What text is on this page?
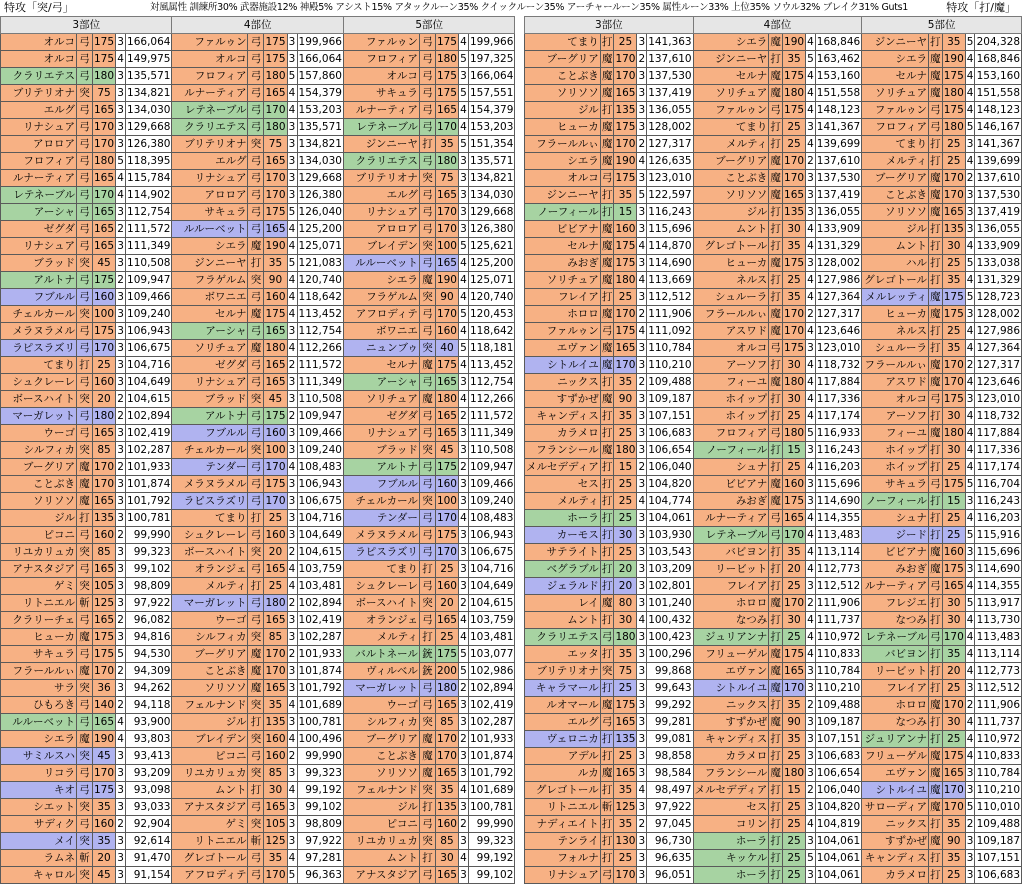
特攻「突/弓」	対風属性 訓練所30% 武器施設12% 神殿5% アシスト15% アタックルーン35% クイックルーン35% アーチャールーン35% 属性ルーン33% 上位35% ソウル32% ブレイク31% Guts1	特攻「打/魔」
3部位					4部位					5部位				
オルコ	弓	175	3	166,064	ファルゥン	弓	175	3	199,966	ファルゥン	弓	175	4	199,966
オルコ	弓	175	4	149,975	オルコ	弓	175	3	166,064	フロフィア	弓	180	5	197,325
クラリエテス	弓	180	3	135,571	フロフィア	弓	180	5	157,860	オルコ	弓	175	3	166,064
ブリテリオナ	突	75	3	134,821	ルナーティア	弓	165	4	154,379	サキュラ	弓	175	5	157,551
エルグ	弓	165	3	134,030	レテネーブル	弓	170	4	153,203	ルナーティア	弓	165	4	154,379
リナシュア	弓	170	3	129,668	クラリエテス	弓	180	3	135,571	レテネーブル	弓	170	4	153,203
アロロア	弓	170	3	126,380	ブリテリオナ	突	75	3	134,821	ジンニーヤ	打	35	5	151,354
フロフィア	弓	180	5	118,395	エルグ	弓	165	3	134,030	クラリエテス	弓	180	3	135,571
ルナーティア	弓	165	4	115,784	リナシュア	弓	170	3	129,668	ブリテリオナ	突	75	3	134,821
レテネーブル	弓	170	4	114,902	アロロア	弓	170	3	126,380	エルグ	弓	165	3	134,030
アーシャ	弓	165	3	112,754	サキュラ	弓	175	5	126,040	リナシュア	弓	170	3	129,668
ゼグダ	弓	165	2	111,572	ルルーベット	弓	165	4	125,200	アロロア	弓	170	3	126,380
リナシュア	弓	165	3	111,349	シエラ	魔	190	4	125,071	ブレイデン	突	100	5	125,621
ブラッド	突	45	3	110,508	ジンニーヤ	打	35	5	121,083	ルルーベット	弓	165	4	125,200
アルトナ	弓	175	2	109,947	フラゲルム	突	90	4	120,740	シエラ	魔	190	4	125,071
フブルル	弓	160	3	109,466	ボワニエ	弓	160	4	118,642	フラゲルム	突	90	4	120,740
チェルカール	突	100	3	109,240	セルナ	魔	175	4	113,452	アフロディテ	弓	170	5	120,453
メラヌラメル	弓	175	3	106,943	アーシャ	弓	165	3	112,754	ボワニエ	弓	160	4	118,642
ラピスラズリ	弓	170	3	106,675	ソリチュア	魔	180	4	112,266	ニュンブゥ	突	40	5	118,181
てまり	打	25	3	104,716	ゼグダ	弓	165	2	111,572	セルナ	魔	175	4	113,452
シュクレーレ	弓	160	3	104,649	リナシュア	弓	165	3	111,349	アーシャ	弓	165	3	112,754
ボースハイト	突	20	2	104,615	ブラッド	突	45	3	110,508	ソリチュア	魔	180	4	112,266
マーガレット	弓	180	2	102,894	アルトナ	弓	175	2	109,947	ゼグダ	弓	165	2	111,572
ウーゴ	弓	165	3	102,419	フブルル	弓	160	3	109,466	リナシュア	弓	165	3	111,349
シルフィカ	突	85	3	102,287	チェルカール	突	100	3	109,240	ブラッド	突	45	3	110,508
ブーグリア	魔	170	2	101,933	テンダー	弓	170	4	108,483	アルトナ	弓	175	2	109,947
ことぶき	魔	170	3	101,874	メラヌラメル	弓	175	3	106,943	フブルル	弓	160	3	109,466
ソリソソ	魔	165	3	101,792	ラピスラズリ	弓	170	3	106,675	チェルカール	突	100	3	109,240
ジル	打	135	3	100,781	てまり	打	25	3	104,716	テンダー	弓	170	4	108,483
ピコニ	弓	160	2	99,990	シュクレーレ	弓	160	3	104,649	メラヌラメル	弓	175	3	106,943
リユカリュカ	突	85	3	99,323	ボースハイト	突	20	2	104,615	ラピスラズリ	弓	170	3	106,675
アナスタジア	弓	165	3	99,102	オランジェ	弓	165	4	103,759	てまり	打	25	3	104,716
ゲミ	突	105	3	98,809	メルティ	打	25	4	103,481	シュクレーレ	弓	160	3	104,649
リトニエル	斬	125	3	97,922	マーガレット	弓	180	2	102,894	ボースハイト	突	20	2	104,615
クラリーチェ	弓	165	2	96,082	ウーゴ	弓	165	3	102,419	オランジェ	弓	165	4	103,759
ヒューカ	魔	175	3	94,816	シルフィカ	突	85	3	102,287	メルティ	打	25	4	103,481
サキュラ	弓	175	5	94,530	ブーグリア	魔	170	2	101,933	バルトネール	銃	175	5	103,077
フラールルぃ	魔	170	2	94,309	ことぶき	魔	170	3	101,874	ヴィルベル	銃	200	5	102,986
サラ	突	36	3	94,262	ソリソソ	魔	165	3	101,792	マーガレット	弓	180	2	102,894
ひもろき	弓	140	2	94,118	フェルナンド	突	35	4	101,689	ウーゴ	弓	165	3	102,419
ルルーベット	弓	165	4	93,900	ジル	打	135	3	100,781	シルフィカ	突	85	3	102,287
シエラ	魔	190	4	93,803	ブレイデン	突	160	4	100,496	ブーグリア	魔	170	2	101,933
サミルスハ	突	45	3	93,413	ピコニ	弓	160	2	99,990	ことぶき	魔	170	3	101,874
リコラ	弓	170	3	93,209	リユカリュカ	突	85	3	99,323	ソリソソ	魔	165	3	101,792
キオ	弓	175	3	93,098	ムント	打	30	4	99,192	フェルナンド	突	35	4	101,689
シエット	突	35	3	93,033	アナスタジア	弓	165	3	99,102	ジル	打	135	3	100,781
サディク	弓	160	2	92,904	ゲミ	突	105	3	98,809	ピコニ	弓	160	2	99,990
メイ	突	35	3	92,614	リトニエル	斬	125	3	97,922	リユカリュカ	突	85	3	99,323
ラムネ	斬	20	3	91,470	グレゴトール	弓	35	4	97,281	ムント	打	30	4	99,192
キャロル	突	45	3	91,154	アフロディテ	弓	170	5	96,363	アナスタジア	弓	165	3	99,102
3部位					4部位					5部位				
てまり	打	25	3	141,363	シエラ	魔	190	4	168,846	ジンニーヤ	打	35	5	204,328
ブーグリア	魔	170	2	137,610	ジンニーヤ	打	35	5	163,462	シエラ	魔	190	4	168,846
ことぶき	魔	170	3	137,530	セルナ	魔	175	4	153,160	セルナ	魔	175	4	153,160
ソリソソ	魔	165	3	137,419	ソリチュア	魔	180	4	151,558	ソリチュア	魔	180	4	151,558
ジル	打	135	3	136,055	ファルゥン	弓	175	4	148,123	ファルゥン	弓	175	4	148,123
ヒューカ	魔	175	3	128,002	てまり	打	25	3	141,367	フロフィア	弓	180	5	146,167
フラールルぃ	魔	170	2	127,317	メルティ	打	25	4	139,699	てまり	打	25	3	141,367
シエラ	魔	190	4	126,635	ブーグリア	魔	170	2	137,610	メルティ	打	25	4	139,699
オルコ	弓	175	3	123,010	ことぶき	魔	170	3	137,530	ブーグリア	魔	170	2	137,610
ジンニーヤ	打	35	5	122,597	ソリソソ	魔	165	3	137,419	ことぶき	魔	170	3	137,530
ノーフィール	打	15	3	116,243	ジル	打	135	3	136,055	ソリソソ	魔	165	3	137,419
ビビアナ	魔	160	3	115,696	ムント	打	30	4	133,909	ジル	打	135	3	136,055
セルナ	魔	175	4	114,870	グレゴトール	打	35	4	131,329	ムント	打	30	4	133,909
みおぎ	魔	175	3	114,690	ヒューカ	魔	175	3	128,002	ハル	打	25	5	133,038
ソリチュア	魔	180	4	113,669	ネルス	打	25	4	127,986	グレゴトール	打	35	4	131,329
フレイア	打	25	3	112,512	シュルーラ	打	35	4	127,364	メルレッティ	魔	175	5	128,723
ホロロ	魔	170	2	111,906	フラールルぃ	魔	170	2	127,317	ヒューカ	魔	175	3	128,002
ファルゥン	弓	175	4	111,092	アスワド	魔	170	4	123,646	ネルス	打	25	4	127,986
エヴァン	魔	165	3	110,784	オルコ	弓	175	3	123,010	シュルーラ	打	35	4	127,364
シトルイユ	魔	170	3	110,210	アーソフ	打	30	4	118,732	フラールルぃ	魔	170	2	127,317
ニックス	打	35	2	109,488	フィーユ	魔	180	4	117,884	アスワド	魔	170	4	123,646
すずかぜ	魔	90	3	109,187	ホイップ	打	30	4	117,336	オルコ	弓	175	3	123,010
キャンディス	打	35	3	107,151	ホイップ	打	25	4	117,174	アーソフ	打	30	4	118,732
カラメロ	打	25	3	106,683	フロフィア	弓	180	5	116,933	フィーユ	魔	180	4	117,884
フランシール	魔	180	3	106,654	ノーフィール	打	15	3	116,243	ホイップ	打	30	4	117,336
メルセデディア	打	15	2	106,040	シュナ	打	25	4	116,203	ホイップ	打	25	4	117,174
セス	打	25	3	104,820	ビビアナ	魔	160	3	115,696	サキュラ	弓	175	5	116,704
メルティ	打	25	4	104,774	みおぎ	魔	175	3	114,690	ノーフィール	打	15	3	116,243
ホーラ	打	25	3	104,061	ルナーティア	弓	165	4	114,355	シュナ	打	25	4	116,203
カーモス	打	30	3	103,930	レテネーブル	弓	170	4	113,483	ジード	打	25	5	115,916
サテライト	打	25	3	103,543	バビヨン	打	35	4	113,114	ビビアナ	魔	160	3	115,696
ベグラブル	打	20	3	103,209	リービット	打	20	4	112,773	みおぎ	魔	175	3	114,690
ジェラルド	打	20	3	102,801	フレイア	打	25	3	112,512	ルナーティア	弓	165	4	114,355
レイ	魔	80	3	101,240	ホロロ	魔	170	2	111,906	フレジエ	打	30	5	113,917
ムント	打	30	4	100,432	なつみ	打	30	4	111,737	なつみ	打	30	4	113,730
クラリエテス	弓	180	3	100,423	ジュリアンナ	打	25	4	110,972	レテネーブル	弓	170	4	113,483
エッタ	打	35	3	100,296	フリューゲル	魔	175	4	110,833	バビヨン	打	35	4	113,114
ブリテリオナ	突	75	3	99,868	エヴァン	魔	165	3	110,784	リービット	打	20	4	112,773
キャラマール	打	25	3	99,643	シトルイユ	魔	170	3	110,210	フレイア	打	25	3	112,512
ルオマール	魔	175	3	99,292	ニックス	打	35	2	109,488	ホロロ	魔	170	2	111,906
エルグ	弓	165	3	99,281	すずかぜ	魔	90	3	109,187	なつみ	打	30	4	111,737
ヴェロニカ	打	135	3	99,081	キャンディス	打	35	3	107,151	ジュリアンナ	打	25	4	110,972
アデル	打	25	3	98,858	カラメロ	打	25	3	106,683	フリューゲル	魔	175	4	110,833
ルカ	魔	165	3	98,584	フランシール	魔	180	3	106,654	エヴァン	魔	165	3	110,784
グレゴトール	打	35	4	98,497	メルセデディア	打	15	2	106,040	シトルイユ	魔	170	3	110,210
リトニエル	斬	125	3	97,922	セス	打	25	3	104,820	サローディア	魔	170	5	110,010
ナディエイト	打	35	2	97,045	コリン	打	25	4	104,819	ニックス	打	35	2	109,488
テンライ	打	130	3	96,730	ホーラ	打	25	3	104,061	すずかぜ	魔	90	3	109,187
フォルナ	打	25	3	96,635	キッケル	打	25	5	104,061	キャンディス	打	35	3	107,151
リナシュア	弓	170	3	96,051	ホーラ	打	25	3	104,061	カラメロ	打	25	3	106,683
